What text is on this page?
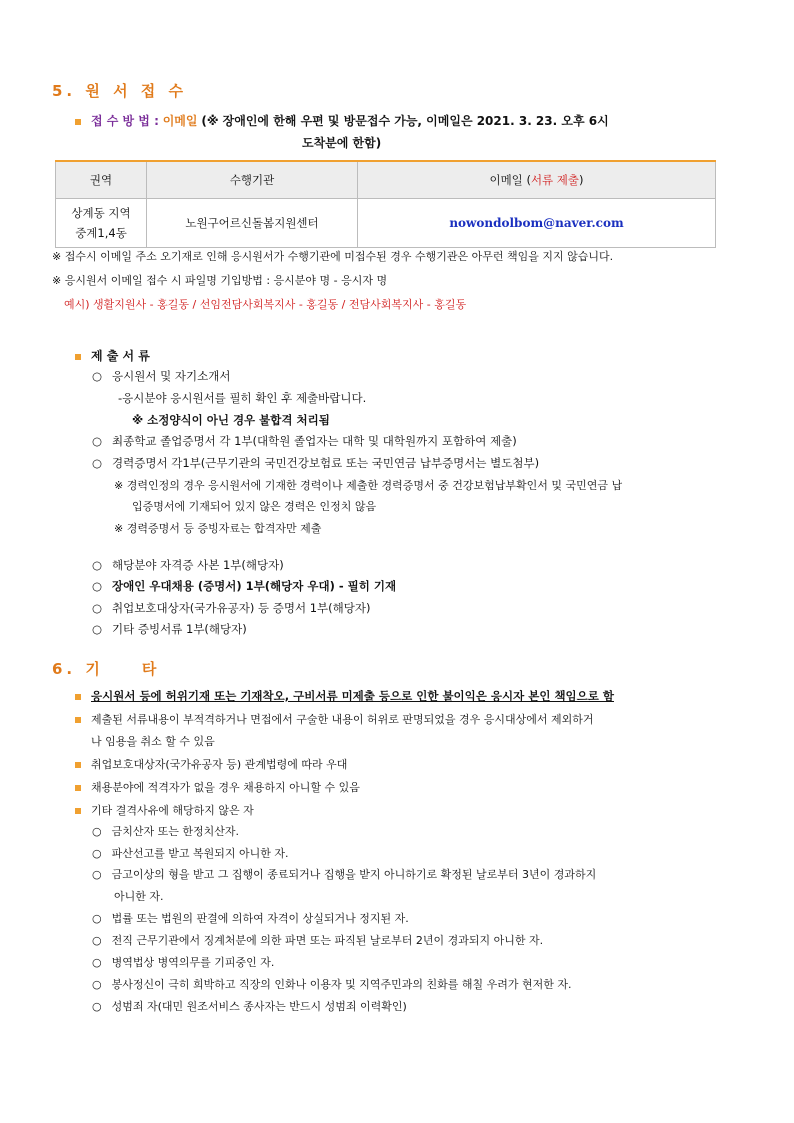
5. 원 서 접 수
접 수 방 법 : 이메일 (※ 장애인에 한해 우편 및 방문접수 가능, 이메일은 2021. 3. 23. 오후 6시
도착분에 한함)
권역	수행기관	이메일 (서류 제출)

상계동 지역
중계1,4동	노원구어르신돌봄지원센터	nowondolbom@naver.com
※ 접수시 이메일 주소 오기재로 인해 응시원서가 수행기관에 미접수된 경우 수행기관은 아무런 책임을 지지 않습니다.
※ 응시원서 이메일 접수 시 파일명 기입방법 : 응시분야 명 - 응시자 명
예시) 생활지원사 - 홍길동 / 선임전담사회복지사 - 홍길동 / 전담사회복지사 - 홍길동
제 출 서 류
○ 응시원서 및 자기소개서
-응시분야 응시원서를 필히 확인 후 제출바랍니다.
※ 소정양식이 아닌 경우 불합격 처리됨
○ 최종학교 졸업증명서 각 1부(대학원 졸업자는 대학 및 대학원까지 포함하여 제출)
○ 경력증명서 각1부(근무기관의 국민건강보험료 또는 국민연금 납부증명서는 별도첨부)
※ 경력인정의 경우 응시원서에 기재한 경력이나 제출한 경력증명서 중 건강보험납부확인서 및 국민연금 납
입증명서에 기재되어 있지 않은 경력은 인정치 않음
※ 경력증명서 등 증빙자료는 합격자만 제출
○ 해당분야 자격증 사본 1부(해당자)
○ 장애인 우대채용 (증명서) 1부(해당자 우대) - 필히 기재
○ 취업보호대상자(국가유공자) 등 증명서 1부(해당자)
○ 기타 증빙서류 1부(해당자)
6. 기	타
응시원서 등에 허위기재 또는 기재착오, 구비서류 미제출 등으로 인한 불이익은 응시자 본인 책임으로 함
제출된 서류내용이 부적격하거나 면접에서 구술한 내용이 허위로 판명되었을 경우 응시대상에서 제외하거
나 임용을 취소 할 수 있음
취업보호대상자(국가유공자 등) 관계법령에 따라 우대
채용분야에 적격자가 없을 경우 채용하지 아니할 수 있음
기타 결격사유에 해당하지 않은 자
○ 금치산자 또는 한정치산자.
○ 파산선고를 받고 복원되지 아니한 자.
○ 금고이상의 형을 받고 그 집행이 종료되거나 집행을 받지 아니하기로 확정된 날로부터 3년이 경과하지
아니한 자.
○ 법률 또는 법원의 판결에 의하여 자격이 상실되거나 정지된 자.
○ 전직 근무기관에서 징계처분에 의한 파면 또는 파직된 날로부터 2년이 경과되지 아니한 자.
○ 병역법상 병역의무를 기피중인 자.
○ 봉사정신이 극히 희박하고 직장의 인화나 이용자 및 지역주민과의 친화를 해칠 우려가 현저한 자.
○ 성범죄 자(대민 원조서비스 종사자는 반드시 성범죄 이력확인)
